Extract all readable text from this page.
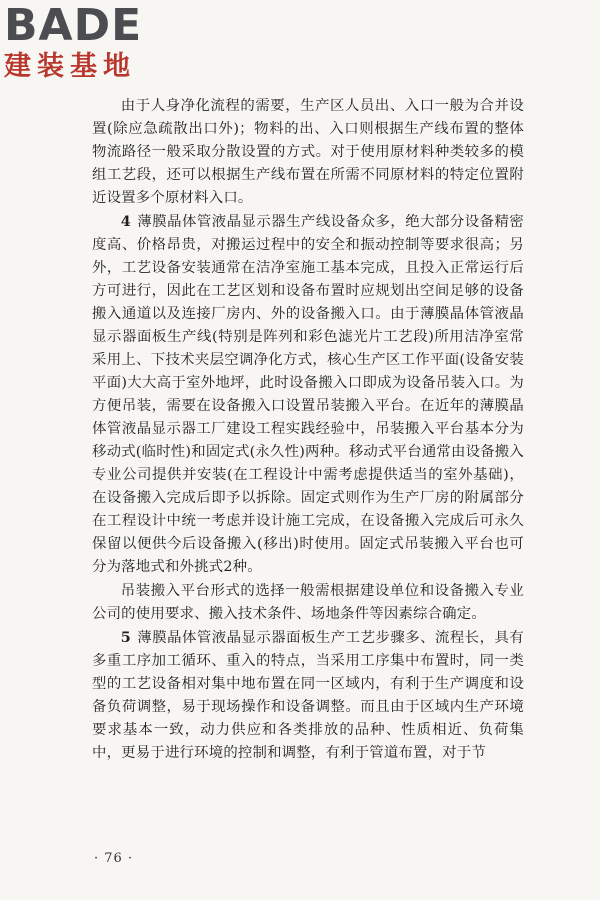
BADE
建装基地

由于人身净化流程的需要，生产区人员出、入口一般为合并设置(除应急疏散出口外)；物料的出、入口则根据生产线布置的整体物流路径一般采取分散设置的方式。对于使用原材料种类较多的模组工艺段，还可以根据生产线布置在所需不同原材料的特定位置附近设置多个原材料入口。

4 薄膜晶体管液晶显示器生产线设备众多，绝大部分设备精密度高、价格昂贵，对搬运过程中的安全和振动控制等要求很高；另外，工艺设备安装通常在洁净室施工基本完成，且投入正常运行后方可进行，因此在工艺区划和设备布置时应规划出空间足够的设备搬入通道以及连接厂房内、外的设备搬入口。由于薄膜晶体管液晶显示器面板生产线(特别是阵列和彩色滤光片工艺段)所用洁净室常采用上、下技术夹层空调净化方式，核心生产区工作平面(设备安装平面)大大高于室外地坪，此时设备搬入口即成为设备吊装入口。为方便吊装，需要在设备搬入口设置吊装搬入平台。在近年的薄膜晶体管液晶显示器工厂建设工程实践经验中，吊装搬入平台基本分为移动式(临时性)和固定式(永久性)两种。移动式平台通常由设备搬入专业公司提供并安装(在工程设计中需考虑提供适当的室外基础)，在设备搬入完成后即予以拆除。固定式则作为生产厂房的附属部分在工程设计中统一考虑并设计施工完成，在设备搬入完成后可永久保留以便供今后设备搬入(移出)时使用。固定式吊装搬入平台也可分为落地式和外挑式2种。

吊装搬入平台形式的选择一般需根据建设单位和设备搬入专业公司的使用要求、搬入技术条件、场地条件等因素综合确定。

5 薄膜晶体管液晶显示器面板生产工艺步骤多、流程长，具有多重工序加工循环、重入的特点，当采用工序集中布置时，同一类型的工艺设备相对集中地布置在同一区域内，有利于生产调度和设备负荷调整，易于现场操作和设备调整。而且由于区域内生产环境要求基本一致，动力供应和各类排放的品种、性质相近、负荷集中，更易于进行环境的控制和调整，有利于管道布置，对于节

· 76 ·
